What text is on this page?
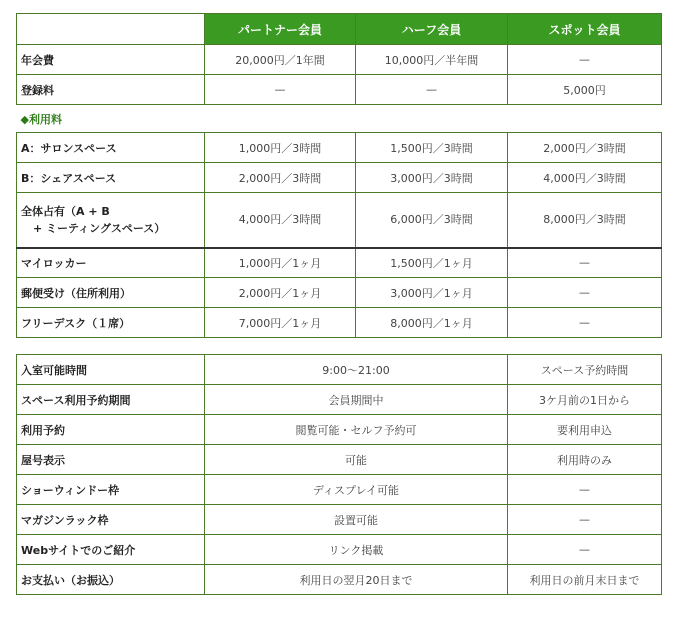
	パートナー会員	ハーフ会員	スポット会員
年会費	20,000円／1年間	10,000円／半年間	—
登録料	—	—	5,000円
◆利用料			
A：サロンスペース	1,000円／3時間	1,500円／3時間	2,000円／3時間
B：シェアスペース	2,000円／3時間	3,000円／3時間	4,000円／3時間
全体占有（A + B
+ ミーティングスペース）	4,000円／3時間	6,000円／3時間	8,000円／3時間
マイロッカー	1,000円／1ヶ月	1,500円／1ヶ月	—
郵便受け（住所利用）	2,000円／1ヶ月	3,000円／1ヶ月	—
フリーデスク（１席）	7,000円／1ヶ月	8,000円／1ヶ月	—
入室可能時間	9:00～21:00	スペース予約時間
スペース利用予約期間	会員期間中	3ケ月前の1日から
利用予約	閲覧可能・セルフ予約可	要利用申込
屋号表示	可能	利用時のみ
ショーウィンドー枠	ディスプレイ可能	—
マガジンラック枠	設置可能	—
Webサイトでのご紹介	リンク掲載	—
お支払い（お振込）	利用日の翌月20日まで	利用日の前月末日まで
